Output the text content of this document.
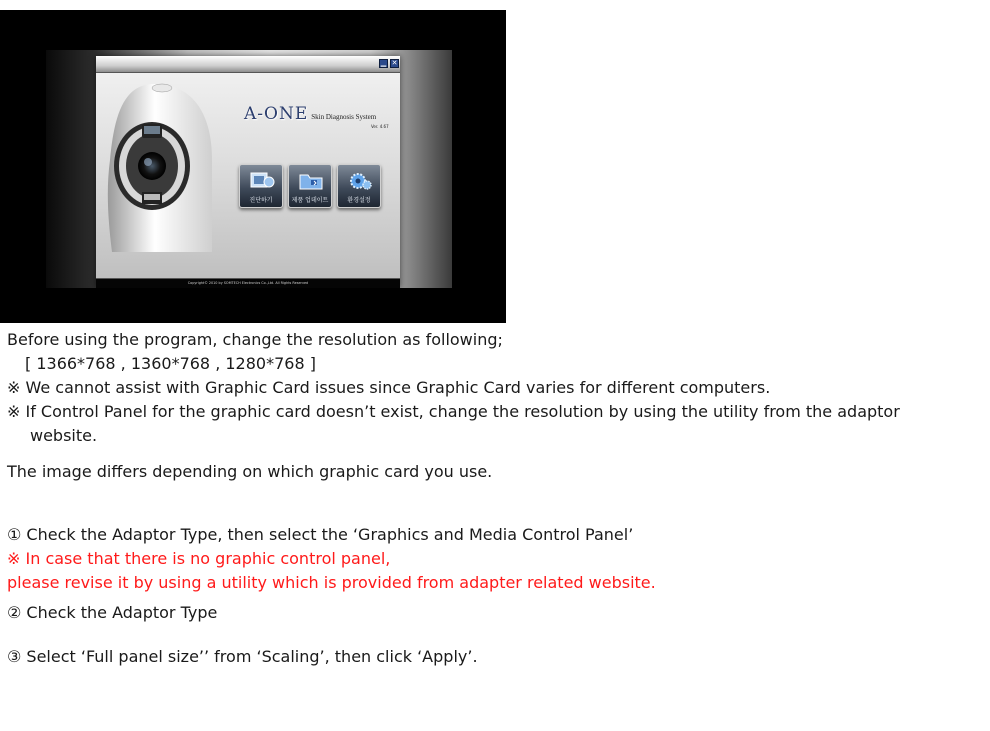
▁ ✕
A-ONE Skin Diagnosis System
Ver. 4.67
진단하기	제품 업데이트	환경설정
Copyright© 2010 by SOMTECH Electronics Co.,Ltd. All Rights Reserved
Before using the program, change the resolution as following;
[ 1366*768 , 1360*768 , 1280*768 ]
※ We cannot assist with Graphic Card issues since Graphic Card varies for different computers.
※ If Control Panel for the graphic card doesn’t exist, change the resolution by using the utility from the adaptor
website.
The image differs depending on which graphic card you use.
① Check the Adaptor Type, then select the ‘Graphics and Media Control Panel’
※ In case that there is no graphic control panel,
please revise it by using a utility which is provided from adapter related website.
② Check the Adaptor Type
③ Select ‘Full panel size’’ from ‘Scaling’, then click ‘Apply’.
